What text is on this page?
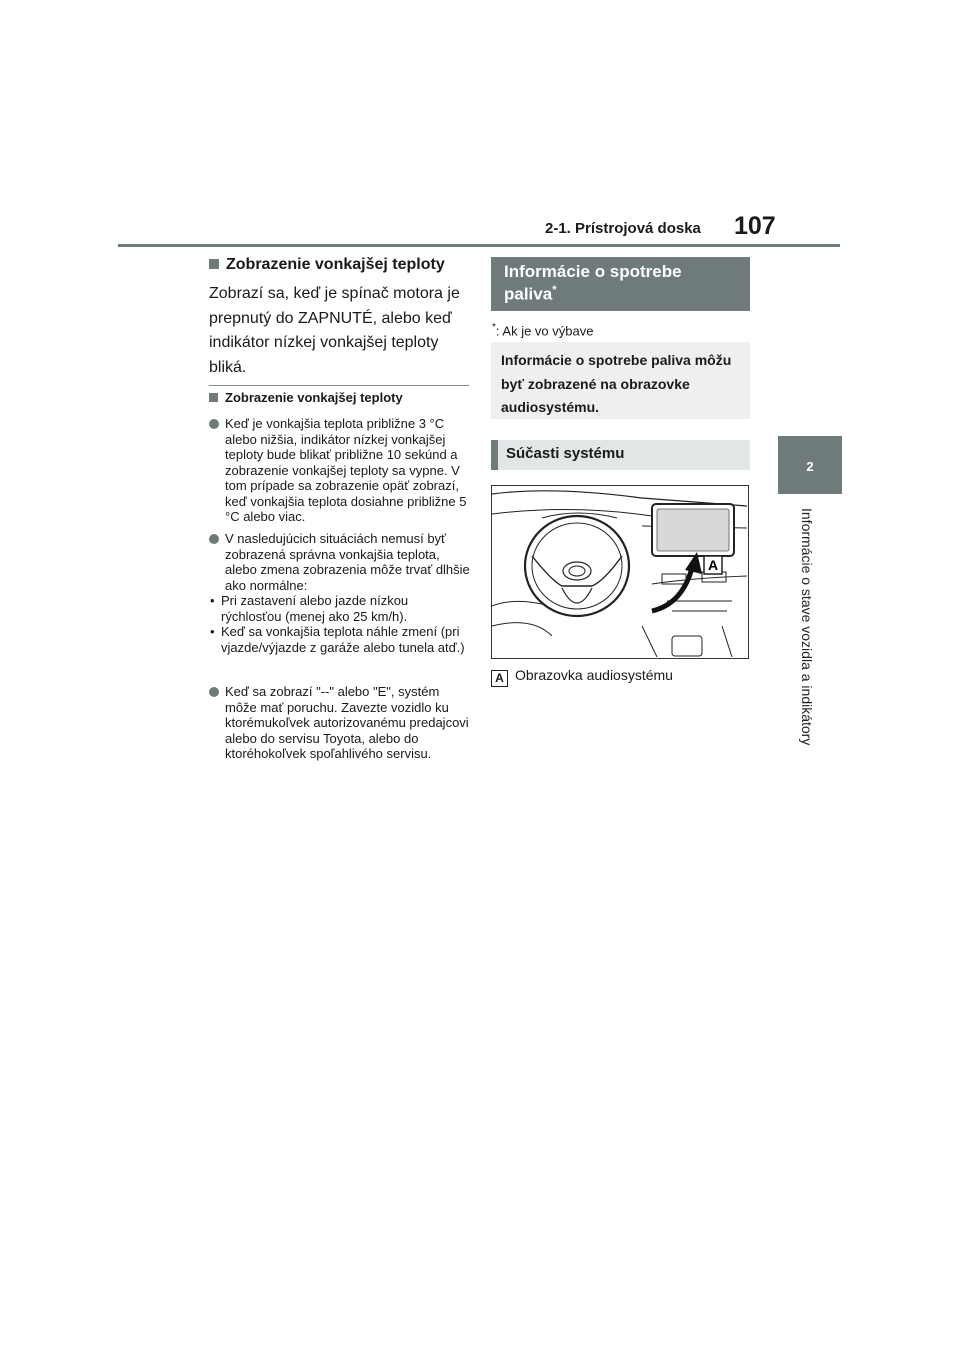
2-1. Prístrojová doska 107
2
Informácie o stave vozidla a indikátory
Zobrazenie vonkajšej teploty
Zobrazí sa, keď je spínač motora je prepnutý do ZAPNUTÉ, alebo keď indikátor nízkej vonkajšej teploty bliká.
Zobrazenie vonkajšej teploty
Keď je vonkajšia teplota približne 3 °C alebo nižšia, indikátor nízkej vonkajšej teploty bude blikať približne 10 sekúnd a zobrazenie vonkajšej teploty sa vypne. V tom prípade sa zobrazenie opäť zobrazí, keď vonkajšia teplota dosiahne približne 5 °C alebo viac.
V nasledujúcich situáciách nemusí byť zobrazená správna vonkajšia teplota, alebo zmena zobrazenia môže trvať dlhšie ako normálne:
• Pri zastavení alebo jazde nízkou rýchlosťou (menej ako 25 km/h).
• Keď sa vonkajšia teplota náhle zmení (pri vjazde/výjazde z garáže alebo tunela atď.)
Keď sa zobrazí "--" alebo "E", systém môže mať poruchu. Zavezte vozidlo ku ktorémukoľvek autorizovanému predajcovi alebo do servisu Toyota, alebo do ktoréhokoľvek spoľahlivého servisu.
Informácie o spotrebe
paliva*
*: Ak je vo výbave
Informácie o spotrebe paliva môžu byť zobrazené na obrazovke audiosystému.
Súčasti systému
A
A Obrazovka audiosystému
